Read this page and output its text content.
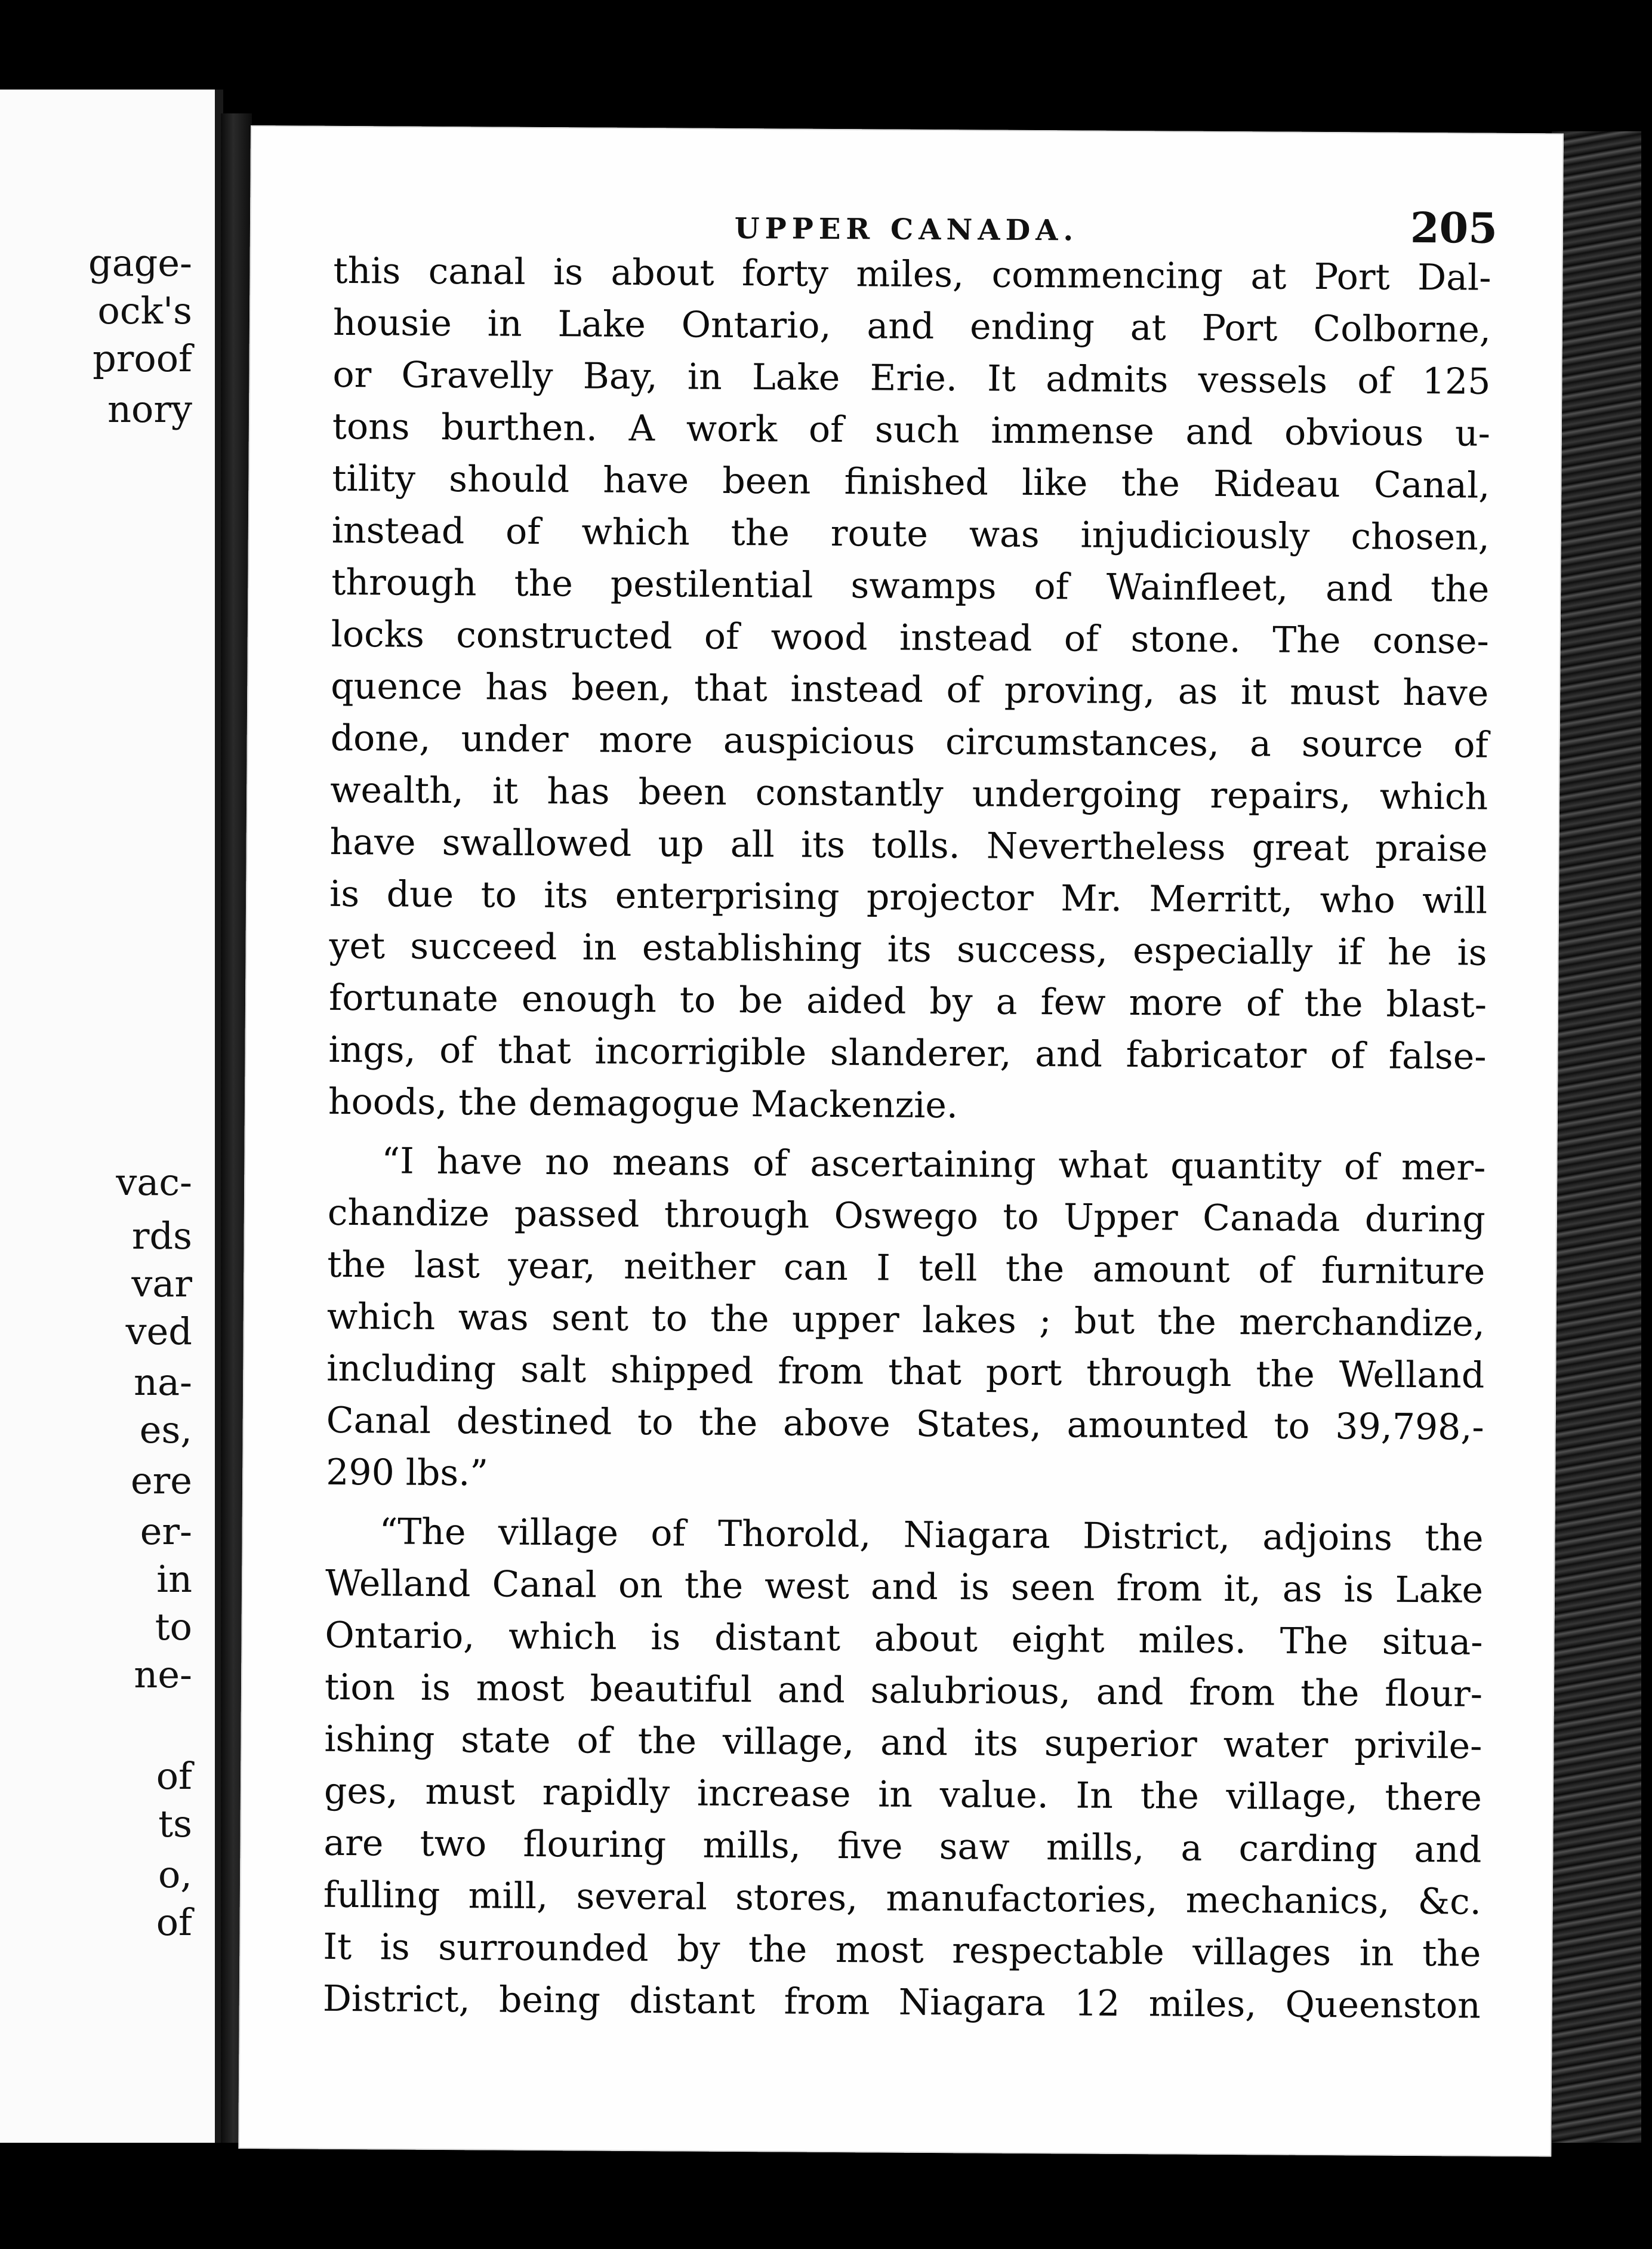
gage-
ock's
proof
nory
vac-
rds
var
ved
na-
es,
ere
er-
in
to
ne-
of
ts
o,
of
UPPER CANADA.	205

this canal is about forty miles, commencing at Port Dal-
housie in Lake Ontario, and ending at Port Colborne,
or Gravelly Bay, in Lake Erie. It admits vessels of 125
tons burthen. A work of such immense and obvious u-
tility should have been finished like the Rideau Canal,
instead of which the route was injudiciously chosen,
through the pestilential swamps of Wainfleet, and the
locks constructed of wood instead of stone. The conse-
quence has been, that instead of proving, as it must have
done, under more auspicious circumstances, a source of
wealth, it has been constantly undergoing repairs, which
have swallowed up all its tolls. Nevertheless great praise
is due to its enterprising projector Mr. Merritt, who will
yet succeed in establishing its success, especially if he is
fortunate enough to be aided by a few more of the blast-
ings, of that incorrigible slanderer, and fabricator of false-
hoods, the demagogue Mackenzie.

“I have no means of ascertaining what quantity of mer-
chandize passed through Oswego to Upper Canada during
the last year, neither can I tell the amount of furniture
which was sent to the upper lakes ; but the merchandize,
including salt shipped from that port through the Welland
Canal destined to the above States, amounted to 39,798,-
290 lbs.”

“The village of Thorold, Niagara District, adjoins the
Welland Canal on the west and is seen from it, as is Lake
Ontario, which is distant about eight miles. The situa-
tion is most beautiful and salubrious, and from the flour-
ishing state of the village, and its superior water privile-
ges, must rapidly increase in value. In the village, there
are two flouring mills, five saw mills, a carding and
fulling mill, several stores, manufactories, mechanics, &c.
It is surrounded by the most respectable villages in the
District, being distant from Niagara 12 miles, Queenston
